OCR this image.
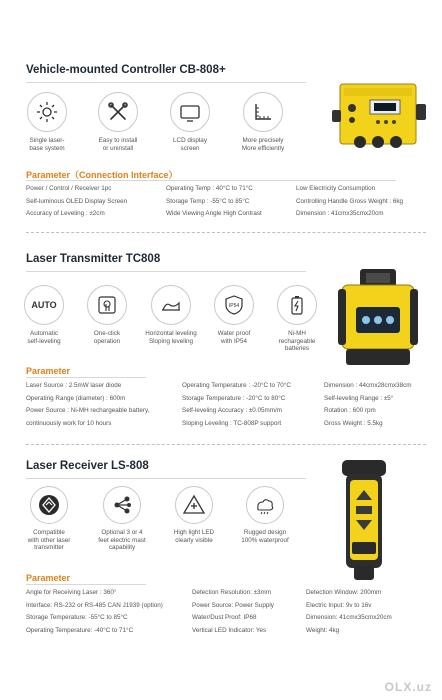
Vehicle-mounted Controller CB-808+
Single laser-
base system
Easy to install
or uninstall
LCD display
screen
More precisely
More efficiently
Parameter（Connection Interface）
Power / Control / Receiver 1pc
Self-luminous OLED Display Screen
Accuracy of Leveling : ±2cm
Operating Temp : 40°C to 71°C
Storage Temp : -55°C to 85°C
Wide Viewing Angle High Contrast
Low Electricity Consumption
Controlling Handle Gross Weight : 6kg
Dimension : 41cmx35cmx20cm
Laser Transmitter TC808
AUTO
Automatic
self-leveling
One-click
operation
Horizontal leveling
Sloping leveling
IP54
Water proof
with IP54
Ni-MH
rechargeable
batteries
Parameter
Laser Source : 2.5mW laser diode
Operating Range (diameter) : 600m
Power Source : Ni-MH rechargeable battery,
continuously work for 10 hours
Operating Temperature : -20°C to 70°C
Storage Temperature : -20°C to 80°C
Self-leveling Accuracy : ±0.05mm/m
Sloping Leveling : TC-808P support
Dimension : 44cmx28cmx38cm
Self-leveling Range : ±5°
Rotation : 600 rpm
Gross Weight : 5.5kg
Laser Receiver LS-808
Compatible
with other laser
transmitter
Optional 3 or 4
feet electric mast
capability
High light LED
clearly visible
Rugged design
100% waterproof
Parameter
Angle for Receiving Laser : 360°
Interface: RS-232 or RS-485 CAN J1939 (option)
Storage Temperature: -55°C to 85°C
Operating Temperature: -40°C to 71°C
Detection Resolution: ±3mm
Power Source: Power Supply
Water/Dust Proof: IP68
Vertical LED Indicator: Yes
Detection Window: 200mm
Electric Input: 9v to 16v
Dimension: 41cmx35cmx20cm
Weight: 4kg
OLX.uz
